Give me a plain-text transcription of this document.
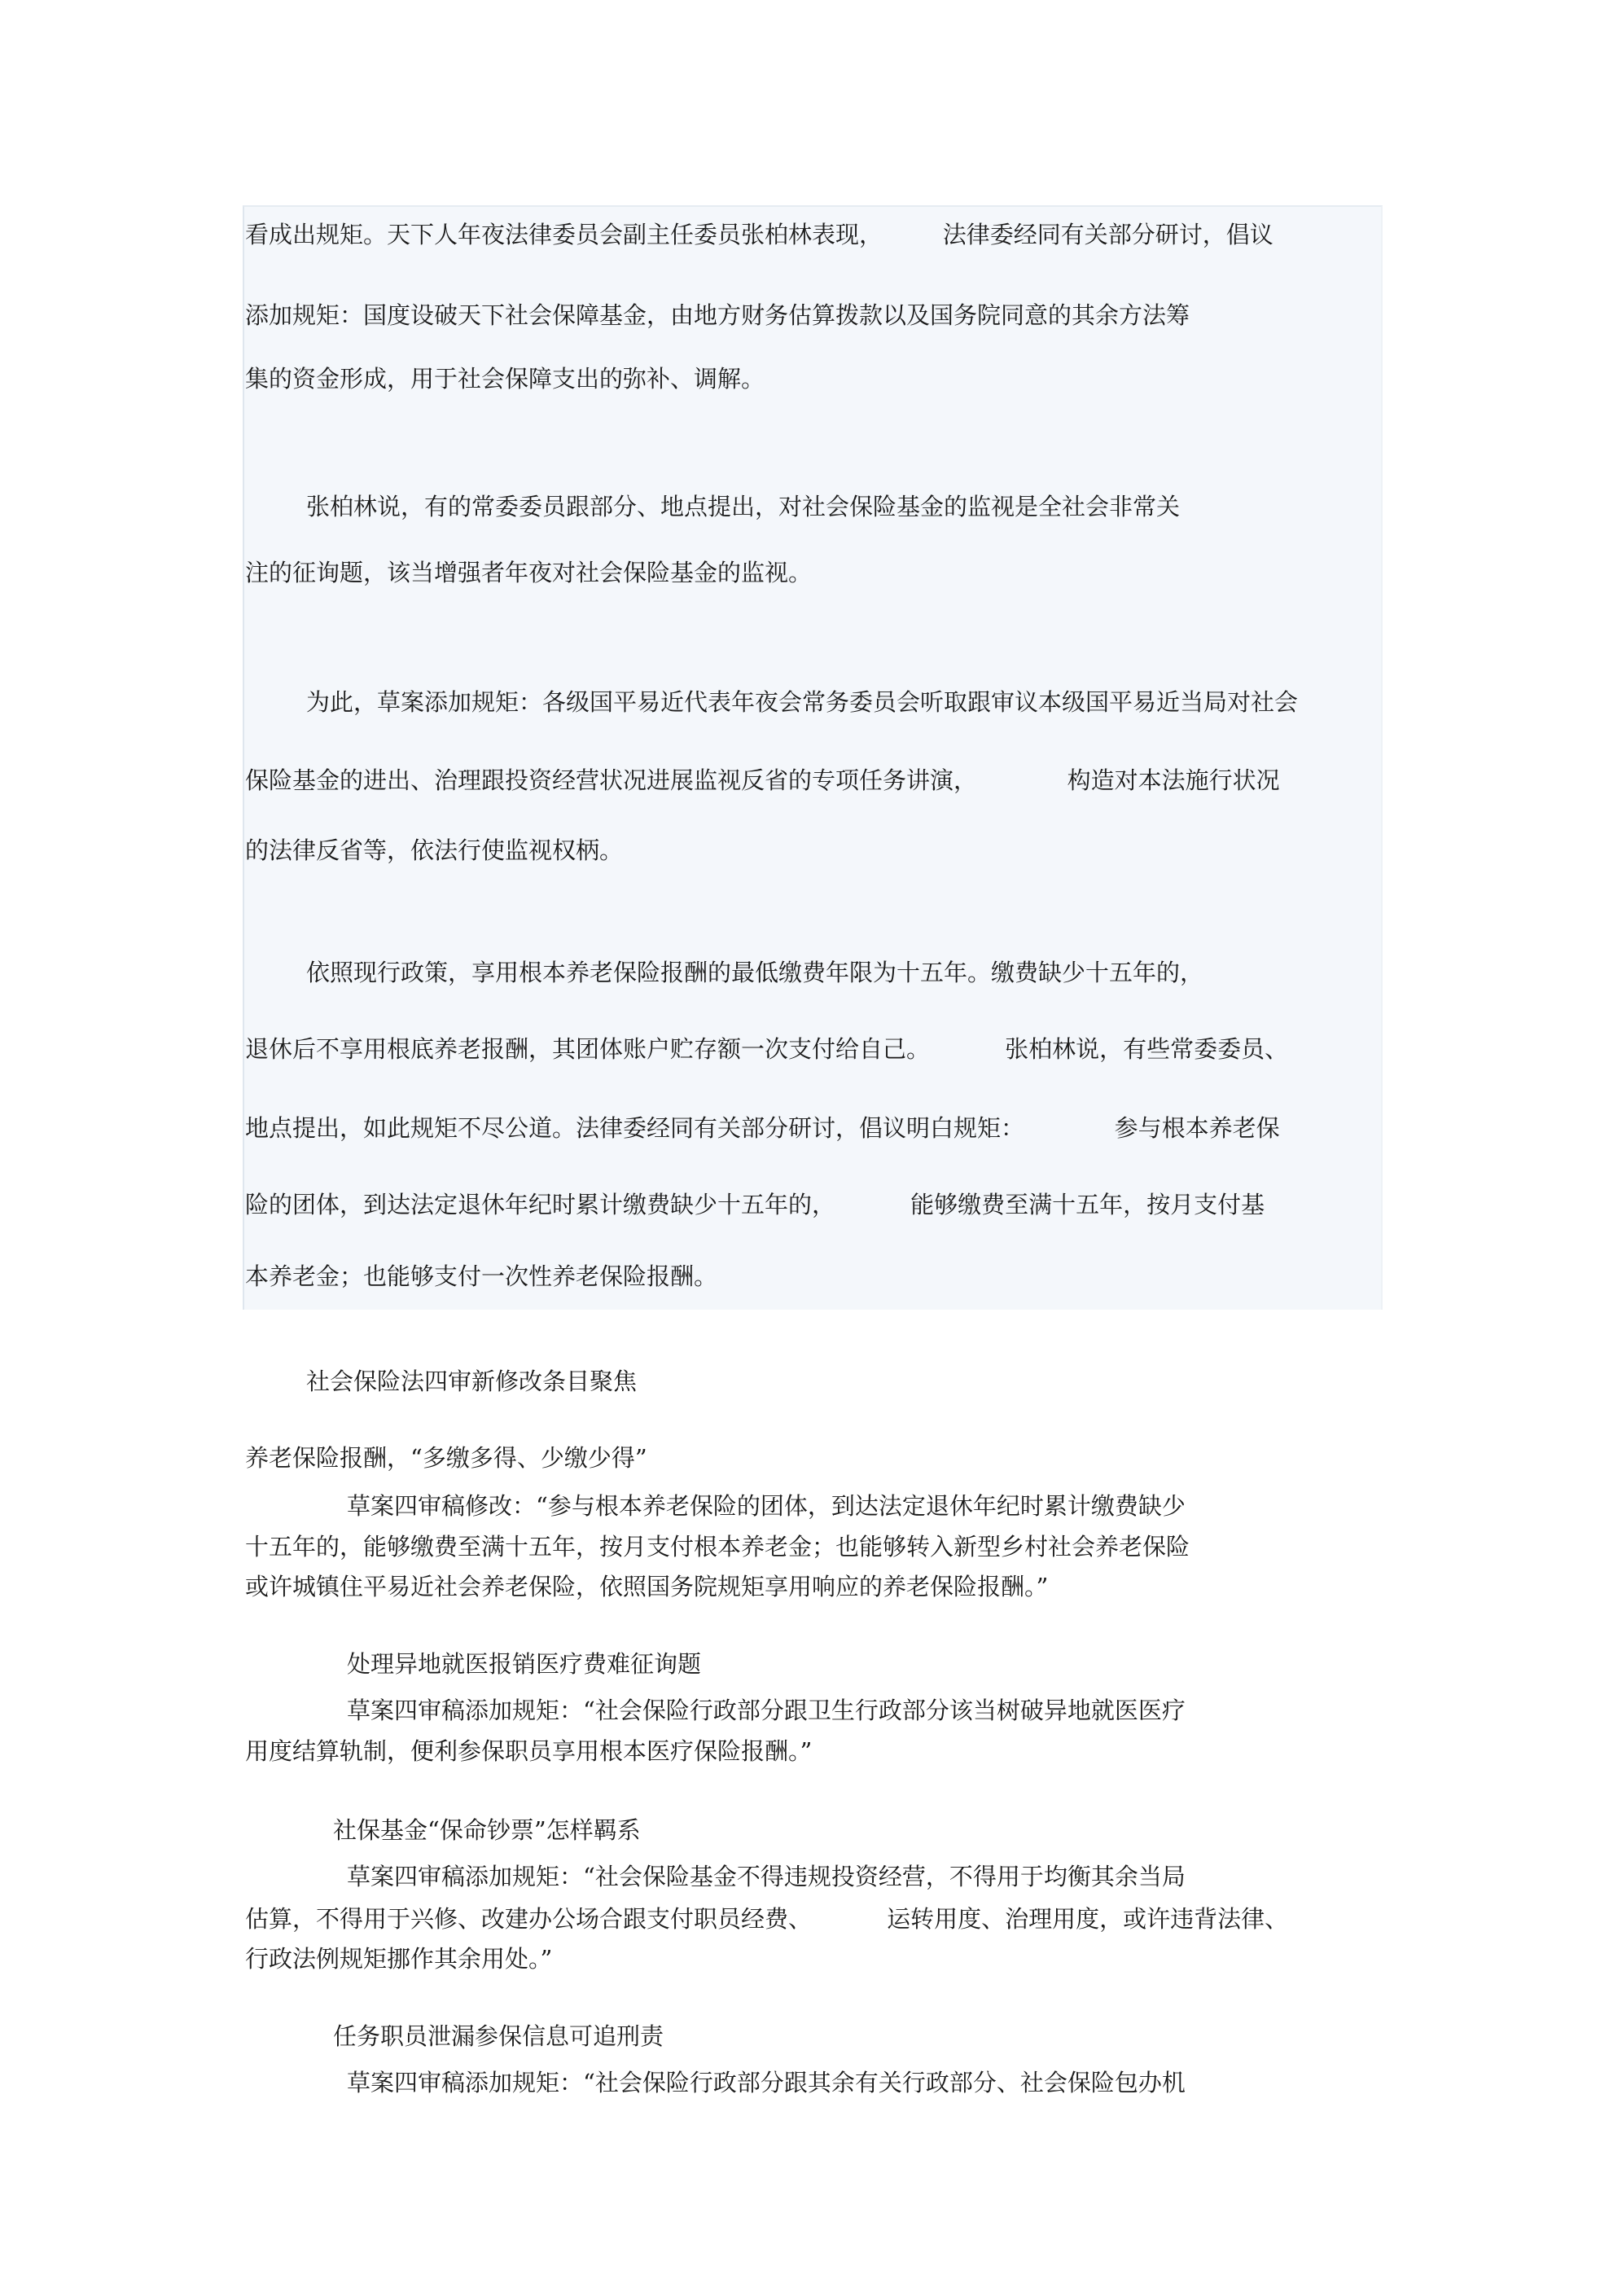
看成出规矩。天下人年夜法律委员会副主任委员张柏林表现，        法律委经同有关部分研讨，倡议
添加规矩：国度设破天下社会保障基金，由地方财务估算拨款以及国务院同意的其余方法筹
集的资金形成，用于社会保障支出的弥补、调解。
张柏林说，有的常委委员跟部分、地点提出，对社会保险基金的监视是全社会非常关
注的征询题，该当增强者年夜对社会保险基金的监视。
为此，草案添加规矩：各级国平易近代表年夜会常务委员会听取跟审议本级国平易近当局对社会
保险基金的进出、治理跟投资经营状况进展监视反省的专项任务讲演，            构造对本法施行状况
的法律反省等，依法行使监视权柄。
依照现行政策，享用根本养老保险报酬的最低缴费年限为十五年。缴费缺少十五年的，
退休后不享用根底养老报酬，其团体账户贮存额一次支付给自己。          张柏林说，有些常委委员、
地点提出，如此规矩不尽公道。法律委经同有关部分研讨，倡议明白规矩：            参与根本养老保
险的团体，到达法定退休年纪时累计缴费缺少十五年的，          能够缴费至满十五年，按月支付基
本养老金；也能够支付一次性养老保险报酬。
社会保险法四审新修改条目聚焦
养老保险报酬，“多缴多得、少缴少得”
草案四审稿修改：“参与根本养老保险的团体，到达法定退休年纪时累计缴费缺少
十五年的，能够缴费至满十五年，按月支付根本养老金；也能够转入新型乡村社会养老保险
或许城镇住平易近社会养老保险，依照国务院规矩享用响应的养老保险报酬。”
处理异地就医报销医疗费难征询题
草案四审稿添加规矩：“社会保险行政部分跟卫生行政部分该当树破异地就医医疗
用度结算轨制，便利参保职员享用根本医疗保险报酬。”
社保基金“保命钞票”怎样羁系
草案四审稿添加规矩：“社会保险基金不得违规投资经营，不得用于均衡其余当局
估算，不得用于兴修、改建办公场合跟支付职员经费、          运转用度、治理用度，或许违背法律、
行政法例规矩挪作其余用处。”
任务职员泄漏参保信息可追刑责
草案四审稿添加规矩：“社会保险行政部分跟其余有关行政部分、社会保险包办机
